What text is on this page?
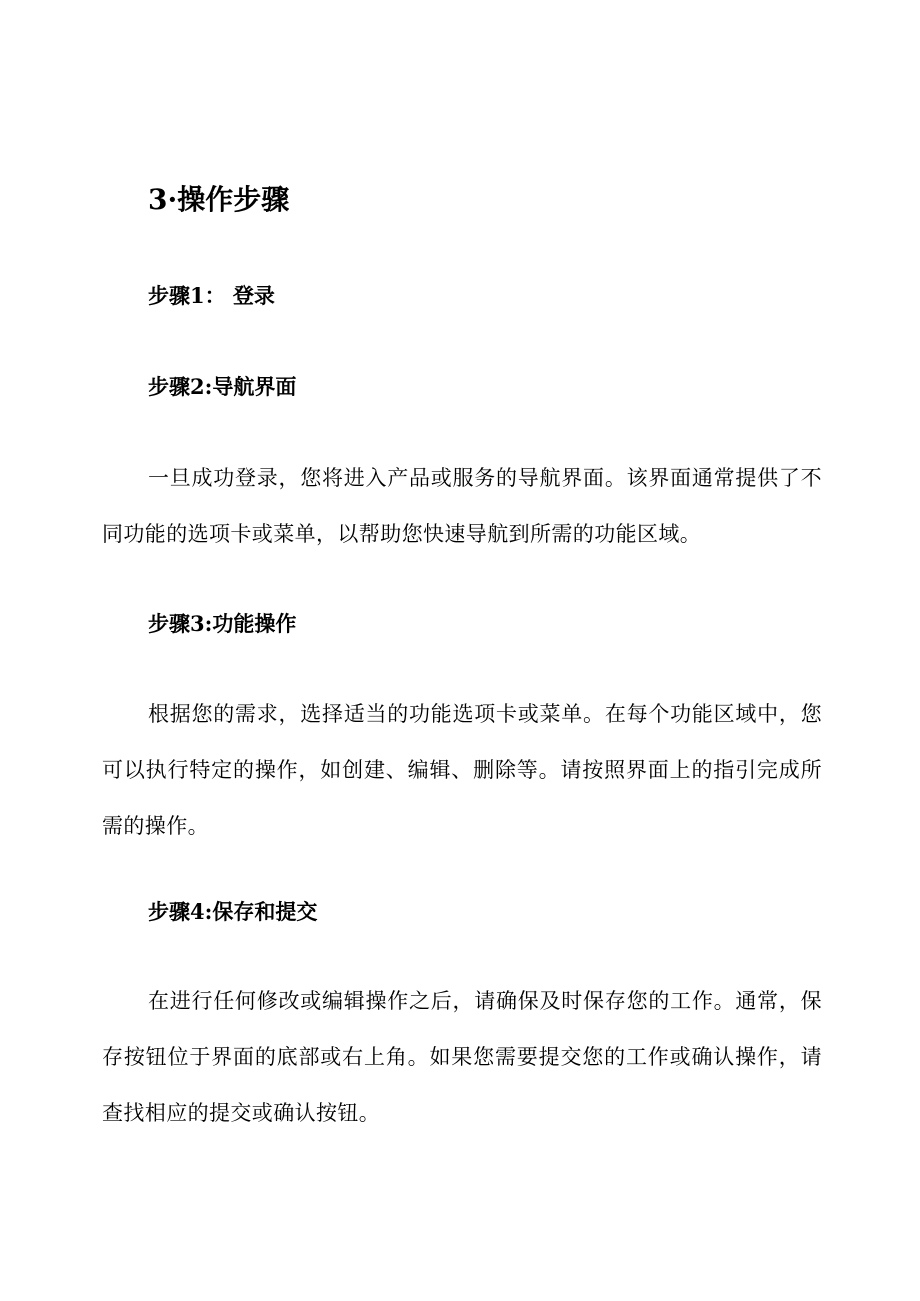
3·操作步骤
步骤1： 登录
步骤2:导航界面

一旦成功登录，您将进入产品或服务的导航界面。该界面通常提供了不同功能的选项卡或菜单，以帮助您快速导航到所需的功能区域。

步骤3:功能操作

根据您的需求，选择适当的功能选项卡或菜单。在每个功能区域中，您可以执行特定的操作，如创建、编辑、删除等。请按照界面上的指引完成所需的操作。

步骤4:保存和提交

在进行任何修改或编辑操作之后，请确保及时保存您的工作。通常，保存按钮位于界面的底部或右上角。如果您需要提交您的工作或确认操作，请查找相应的提交或确认按钮。
